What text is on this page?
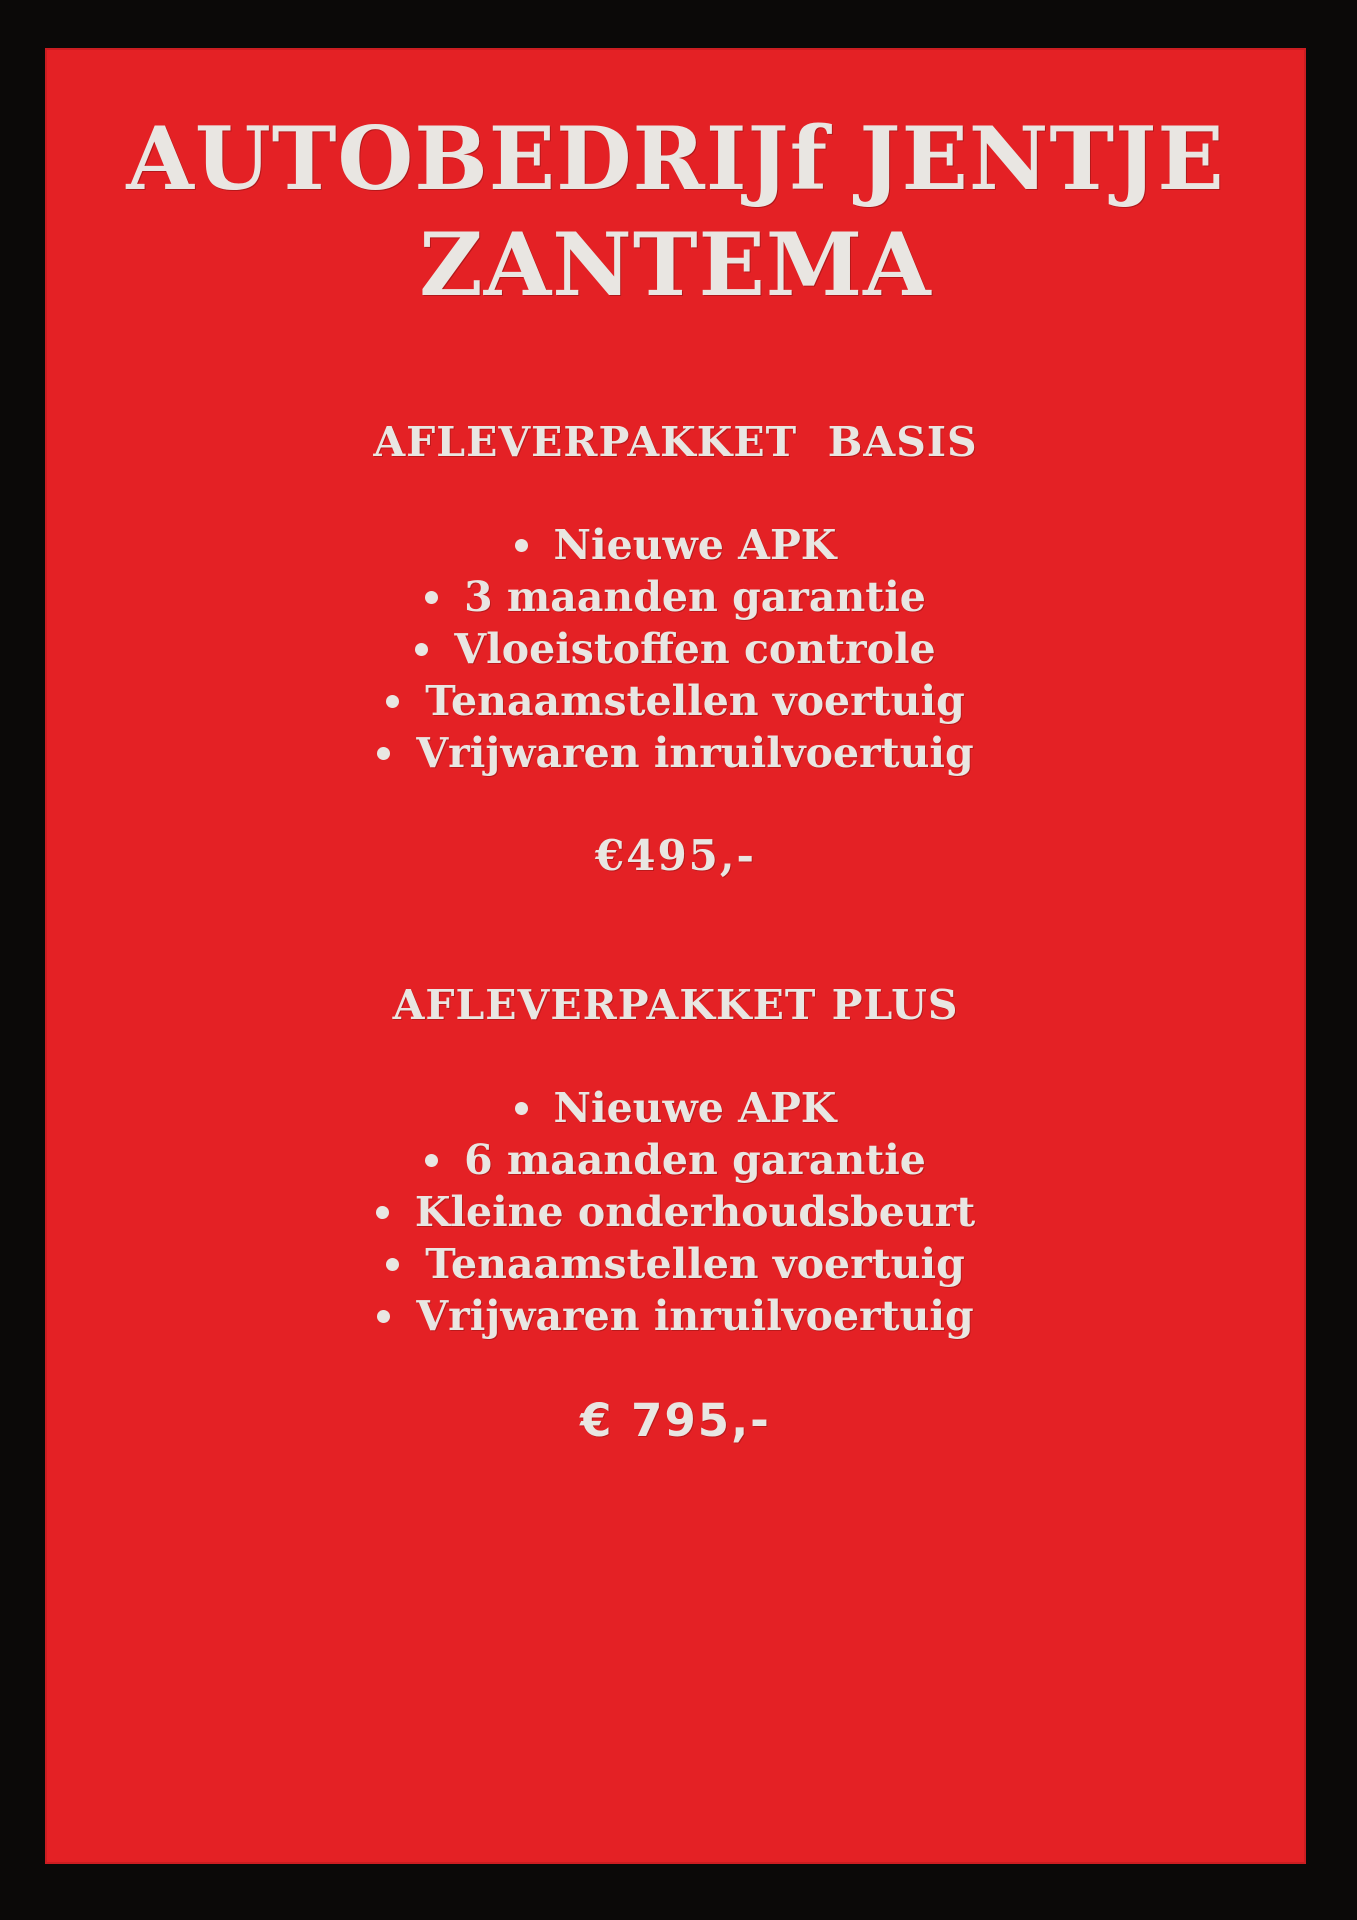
AUTOBEDRIJf JENTJE
ZANTEMA
AFLEVERPAKKET  BASIS
Nieuwe APK
3 maanden garantie
Vloeistoffen controle
Tenaamstellen voertuig
Vrijwaren inruilvoertuig
€495,-
AFLEVERPAKKET PLUS
Nieuwe APK
6 maanden garantie
Kleine onderhoudsbeurt
Tenaamstellen voertuig
Vrijwaren inruilvoertuig
€ 795,-
